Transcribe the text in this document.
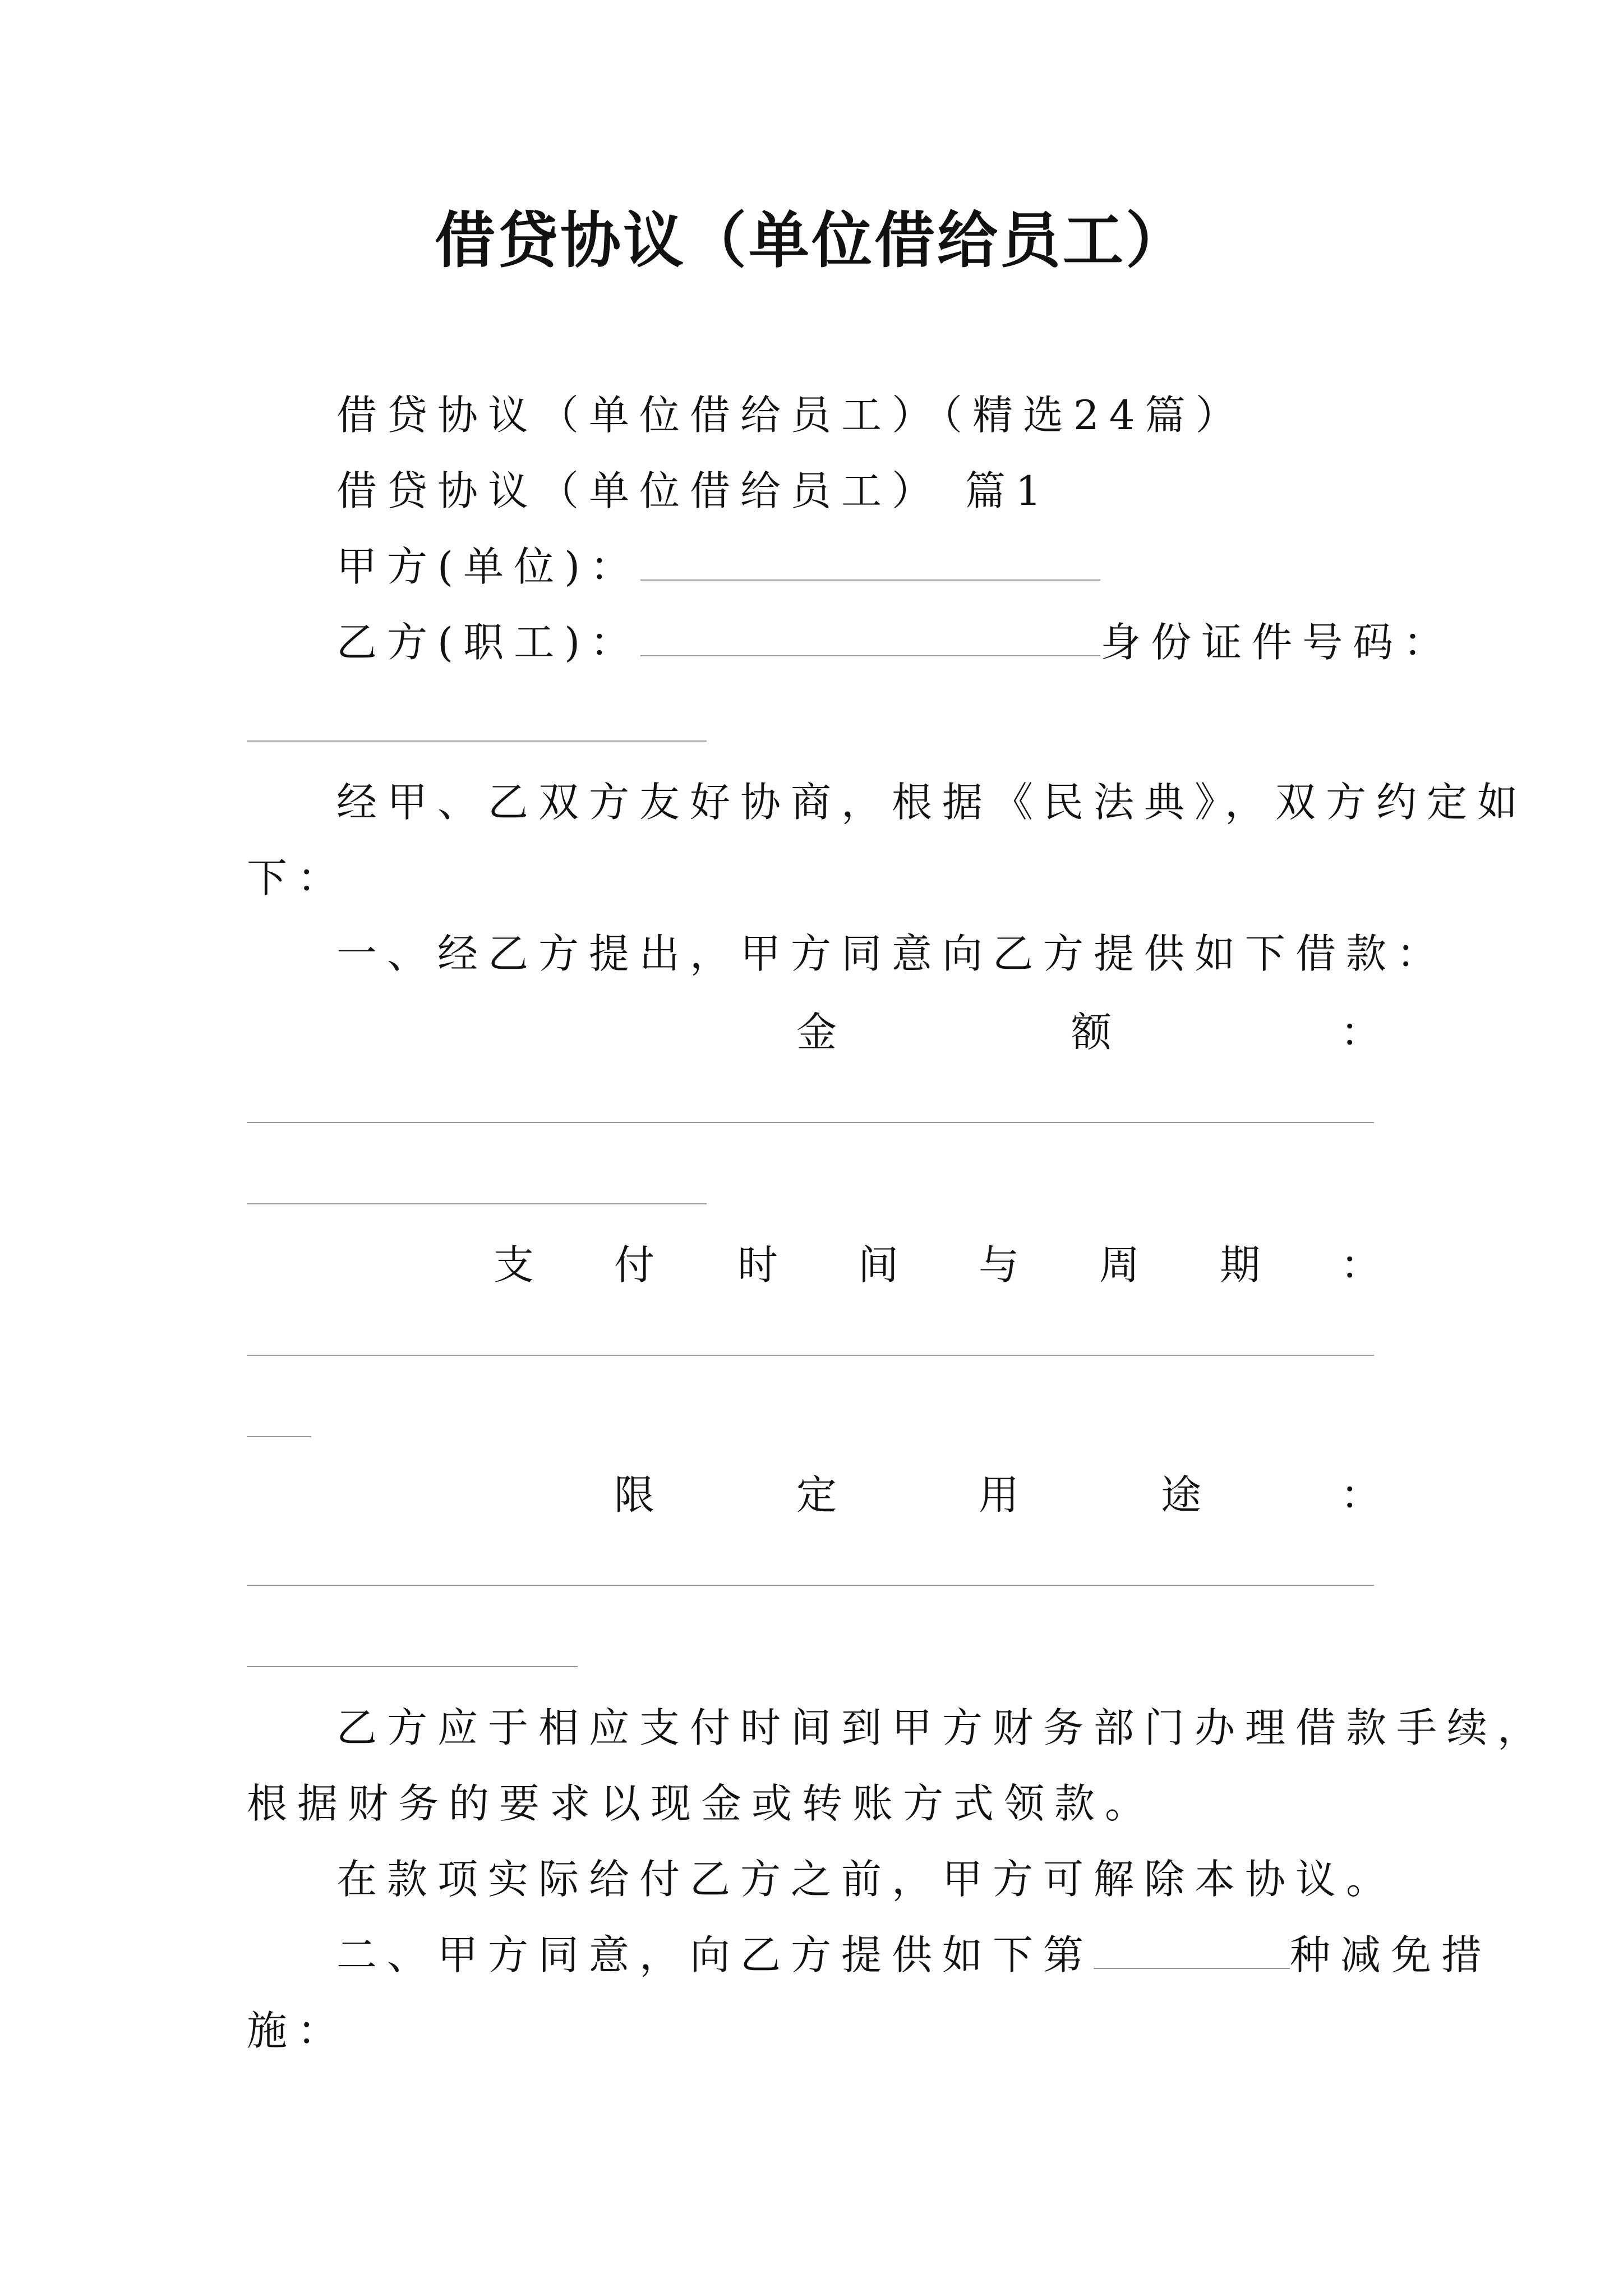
借贷协议（单位借给员工）
借贷协议（单位借给员工）（精选24篇）
借贷协议（单位借给员工） 篇1
甲方(单位)：
乙方(职工)：	身份证件号码：
经甲、乙双方友好协商，根据《民法典》，双方约定如
下：
一、经乙方提出，甲方同意向乙方提供如下借款：
金	额	：
支 付 时 间 与 周 期 ：
限	定	用	途	：
乙方应于相应支付时间到甲方财务部门办理借款手续，
根据财务的要求以现金或转账方式领款。
在款项实际给付乙方之前，甲方可解除本协议。
二、甲方同意，向乙方提供如下第	种减免措
施：
